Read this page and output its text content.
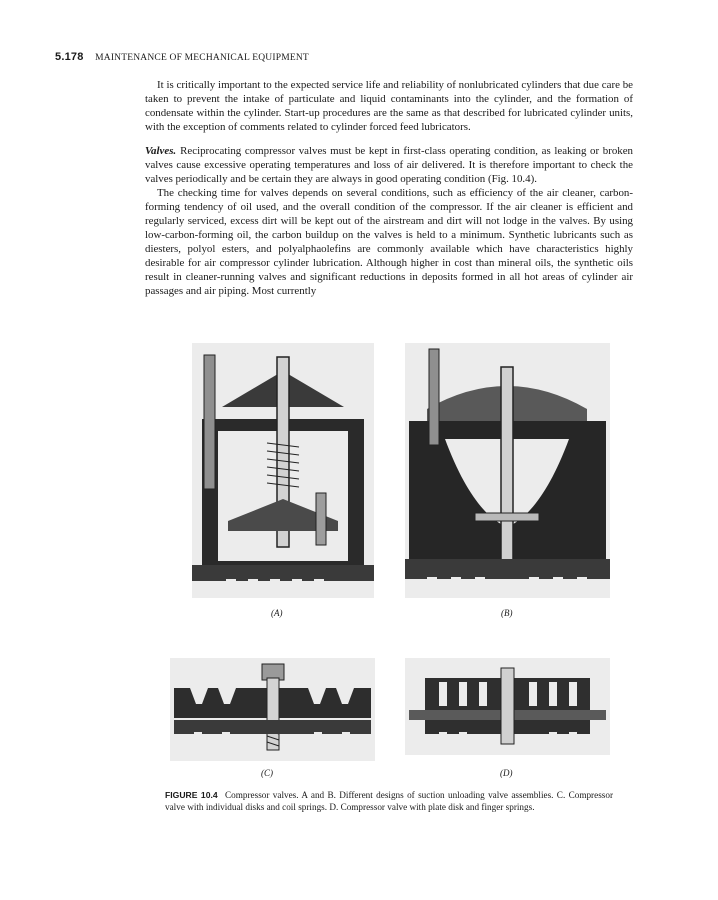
5.178 MAINTENANCE OF MECHANICAL EQUIPMENT

It is critically important to the expected service life and reliability of nonlubricated cylinders that due care be taken to prevent the intake of particulate and liquid contaminants into the cylinder, and the formation of condensate within the cylinder. Start-up procedures are the same as that described for lubricated cylinder units, with the exception of comments related to cylinder forced feed lubricators.

Valves. Reciprocating compressor valves must be kept in first-class operating condition, as leaking or broken valves cause excessive operating temperatures and loss of air delivered. It is therefore important to check the valves periodically and be certain they are always in good operating condition (Fig. 10.4).

The checking time for valves depends on several conditions, such as efficiency of the air cleaner, carbon-forming tendency of oil used, and the overall condition of the compressor. If the air cleaner is efficient and regularly serviced, excess dirt will be kept out of the airstream and dirt will not lodge in the valves. By using low-carbon-forming oil, the carbon buildup on the valves is held to a minimum. Synthetic lubricants such as diesters, polyol esters, and polyalphaolefins are commonly available which have characteristics highly desirable for air compressor cylinder lubrication. Although higher in cost than mineral oils, the synthetic oils result in cleaner-running valves and significant reductions in deposits formed in all hot areas of cylinder air passages and air piping. Most currently

(A)	(B)
(C)	(D)
FIGURE 10.4 Compressor valves. A and B. Different designs of suction unloading valve assemblies. C. Compressor valve with individual disks and coil springs. D. Compressor valve with plate disk and finger springs.
